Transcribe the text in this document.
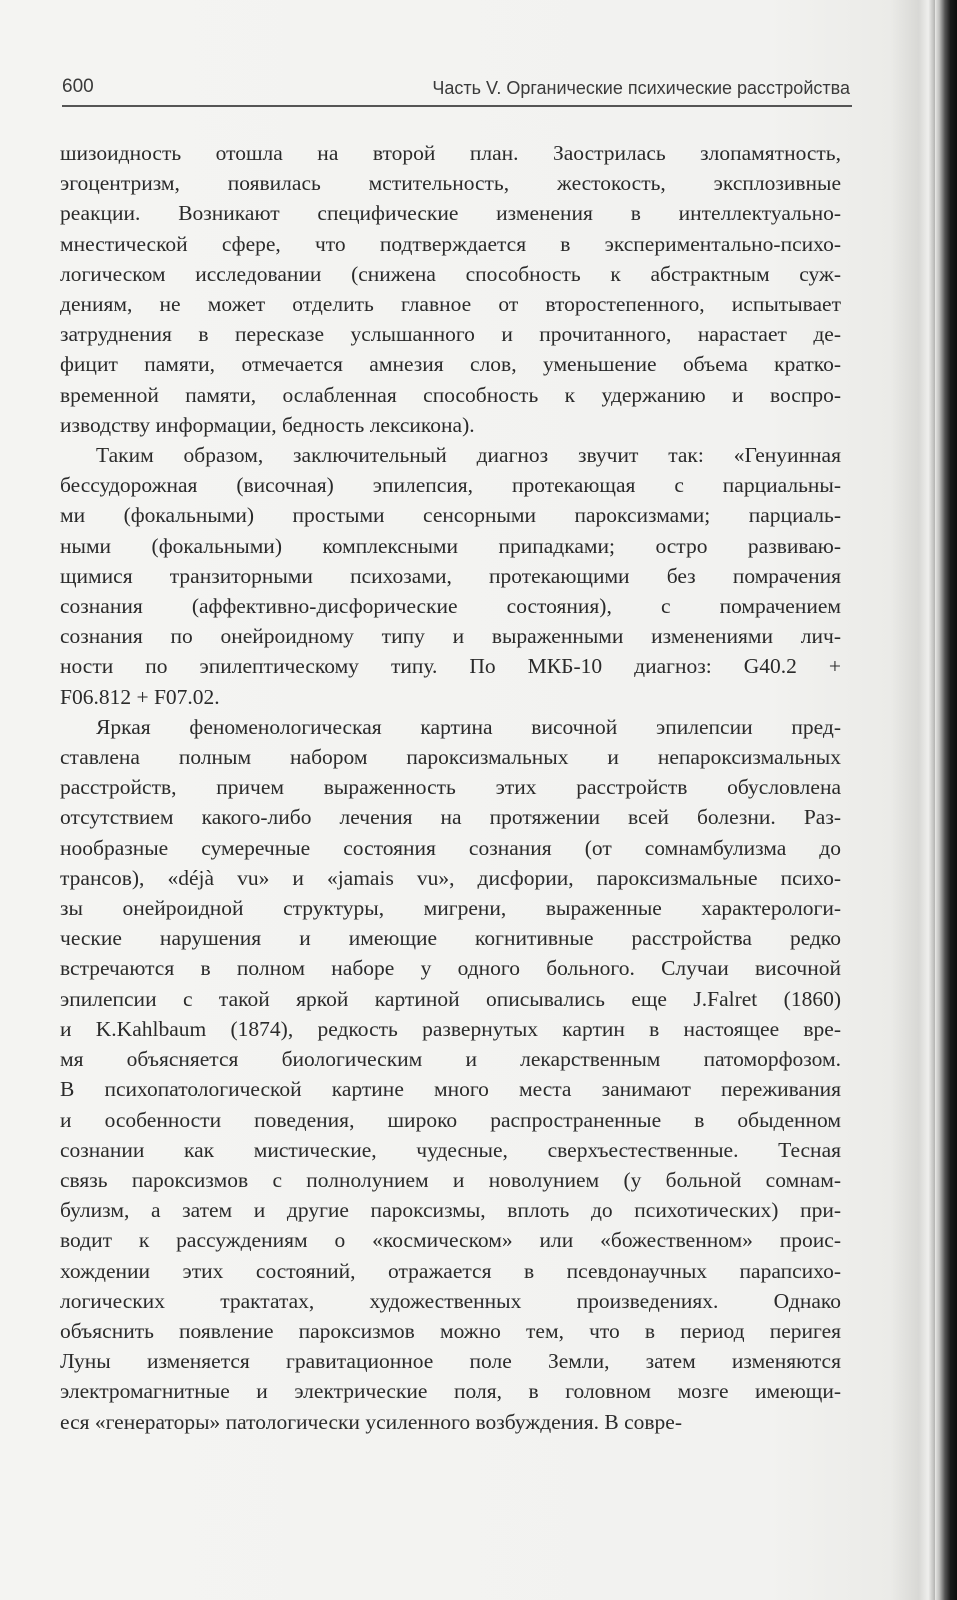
600	Часть V. Органические психические расстройства
шизоидность отошла на второй план. Заострилась злопамятность,
эгоцентризм, появилась мстительность, жестокость, эксплозивные
реакции. Возникают специфические изменения в интеллектуально-
мнестической сфере, что подтверждается в экспериментально-психо-
логическом исследовании (снижена способность к абстрактным суж-
дениям, не может отделить главное от второстепенного, испытывает
затруднения в пересказе услышанного и прочитанного, нарастает де-
фицит памяти, отмечается амнезия слов, уменьшение объема кратко-
временной памяти, ослабленная способность к удержанию и воспро-
изводству информации, бедность лексикона).
Таким образом, заключительный диагноз звучит так: «Генуинная
бессудорожная (височная) эпилепсия, протекающая с парциальны-
ми (фокальными) простыми сенсорными пароксизмами; парциаль-
ными (фокальными) комплексными припадками; остро развиваю-
щимися транзиторными психозами, протекающими без помрачения
сознания (аффективно-дисфорические состояния), с помрачением
сознания по онейроидному типу и выраженными изменениями лич-
ности по эпилептическому типу. По МКБ-10 диагноз: G40.2 +
F06.812 + F07.02.
Яркая феноменологическая картина височной эпилепсии пред-
ставлена полным набором пароксизмальных и непароксизмальных
расстройств, причем выраженность этих расстройств обусловлена
отсутствием какого-либо лечения на протяжении всей болезни. Раз-
нообразные сумеречные состояния сознания (от сомнамбулизма до
трансов), «déjà vu» и «jamais vu», дисфории, пароксизмальные психо-
зы онейроидной структуры, мигрени, выраженные характерологи-
ческие нарушения и имеющие когнитивные расстройства редко
встречаются в полном наборе у одного больного. Случаи височной
эпилепсии с такой яркой картиной описывались еще J.Falret (1860)
и K.Kahlbaum (1874), редкость развернутых картин в настоящее вре-
мя объясняется биологическим и лекарственным патоморфозом.
В психопатологической картине много места занимают переживания
и особенности поведения, широко распространенные в обыденном
сознании как мистические, чудесные, сверхъестественные. Тесная
связь пароксизмов с полнолунием и новолунием (у больной сомнам-
булизм, а затем и другие пароксизмы, вплоть до психотических) при-
водит к рассуждениям о «космическом» или «божественном» проис-
хождении этих состояний, отражается в псевдонаучных парапсихо-
логических трактатах, художественных произведениях. Однако
объяснить появление пароксизмов можно тем, что в период перигея
Луны изменяется гравитационное поле Земли, затем изменяются
электромагнитные и электрические поля, в головном мозге имеющи-
еся «генераторы» патологически усиленного возбуждения. В совре-
